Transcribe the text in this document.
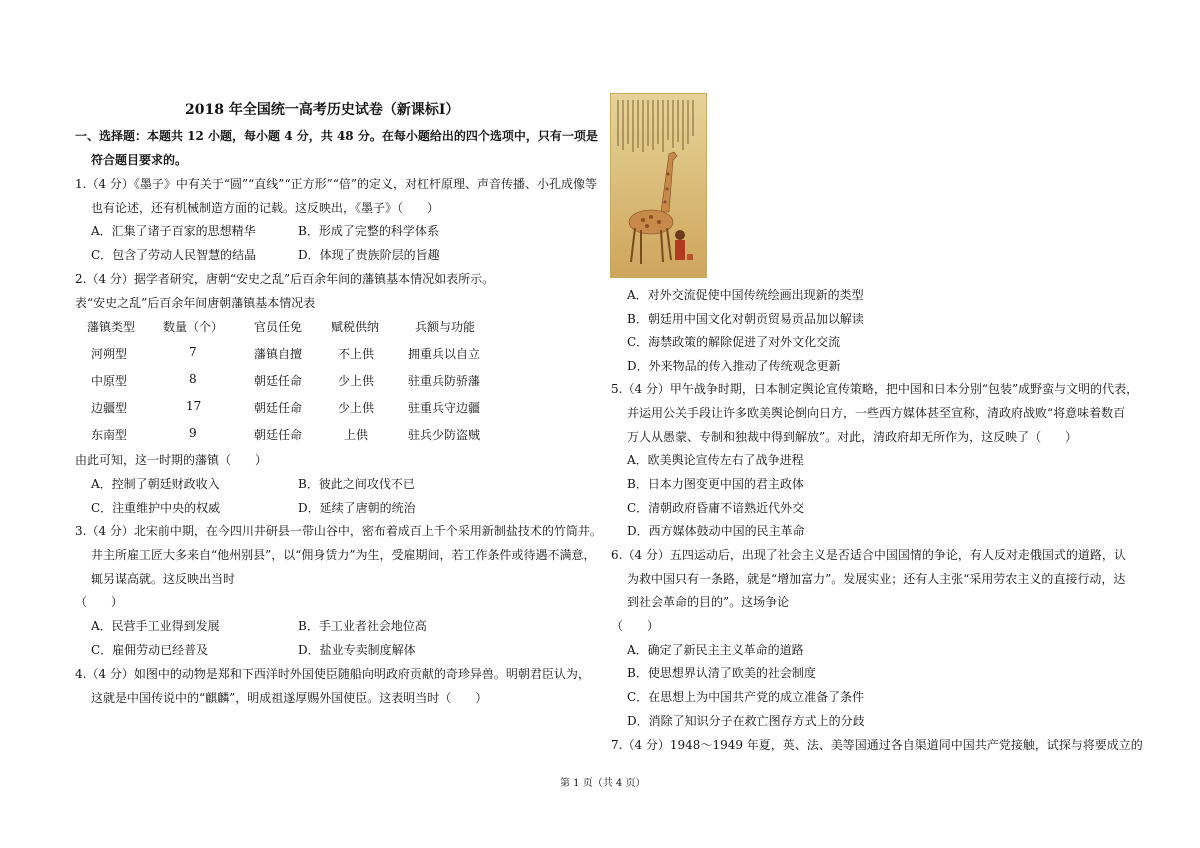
2018 年全国统一高考历史试卷（新课标Ⅰ）
一、选择题：本题共 12 小题，每小题 4 分，共 48 分。在每小题给出的四个选项中，只有一项是
符合题目要求的。
1.（4 分）《墨子》中有关于“圆”“直线”“正方形”“倍”的定义，对杠杆原理、声音传播、小孔成像等
也有论述，还有机械制造方面的记载。这反映出，《墨子》（　　）
A．汇集了诸子百家的思想精华	B．形成了完整的科学体系
C．包含了劳动人民智慧的结晶	D．体现了贵族阶层的旨趣
2.（4 分）据学者研究，唐朝“安史之乱”后百余年间的藩镇基本情况如表所示。
表“安史之乱”后百余年间唐朝藩镇基本情况表
藩镇类型 数量（个）	官员任免 赋税供纳	兵额与功能
河朔型	7	藩镇自擅	不上供	拥重兵以自立
中原型	8	朝廷任命	少上供	驻重兵防骄藩
边疆型	17	朝廷任命	少上供	驻重兵守边疆
东南型	9	朝廷任命	上供	驻兵少防盗贼
由此可知，这一时期的藩镇（　　）
A．控制了朝廷财政收入	B．彼此之间攻伐不已
C．注重维护中央的权威	D．延续了唐朝的统治
3.（4 分）北宋前中期，在今四川井研县一带山谷中，密布着成百上千个采用新制盐技术的竹筒井。
井主所雇工匠大多来自“他州别县”，以“佣身赁力”为生，受雇期间，若工作条件或待遇不满意，
辄另谋高就。这反映出当时
（　　）
A．民营手工业得到发展	B．手工业者社会地位高
C．雇佣劳动已经普及	D．盐业专卖制度解体
4.（4 分）如图中的动物是郑和下西洋时外国使臣随船向明政府贡献的奇珍异兽。明朝君臣认为，
这就是中国传说中的“麒麟”，明成祖遂厚赐外国使臣。这表明当时（　　）
A．对外交流促使中国传统绘画出现新的类型
B．朝廷用中国文化对朝贡贸易贡品加以解读
C．海禁政策的解除促进了对外文化交流
D．外来物品的传入推动了传统观念更新
5.（4 分）甲午战争时期，日本制定舆论宣传策略，把中国和日本分别“包装”成野蛮与文明的代表，
并运用公关手段让许多欧美舆论倒向日方，一些西方媒体甚至宣称，清政府战败“将意味着数百
万人从愚蒙、专制和独裁中得到解放”。对此，清政府却无所作为，这反映了（　　）
A．欧美舆论宣传左右了战争进程
B．日本力图变更中国的君主政体
C．清朝政府昏庸不谙熟近代外交
D．西方媒体鼓动中国的民主革命
6.（4 分）五四运动后，出现了社会主义是否适合中国国情的争论，有人反对走俄国式的道路，认
为救中国只有一条路，就是“增加富力”。发展实业；还有人主张“采用劳农主义的直接行动，达
到社会革命的目的”。这场争论
（　　）
A．确定了新民主主义革命的道路
B．使思想界认清了欧美的社会制度
C．在思想上为中国共产党的成立准备了条件
D．消除了知识分子在救亡图存方式上的分歧
7.（4 分）1948～1949 年夏，英、法、美等国通过各自渠道同中国共产党接触，试探与将要成立的
第 1 页（共 4 页）
